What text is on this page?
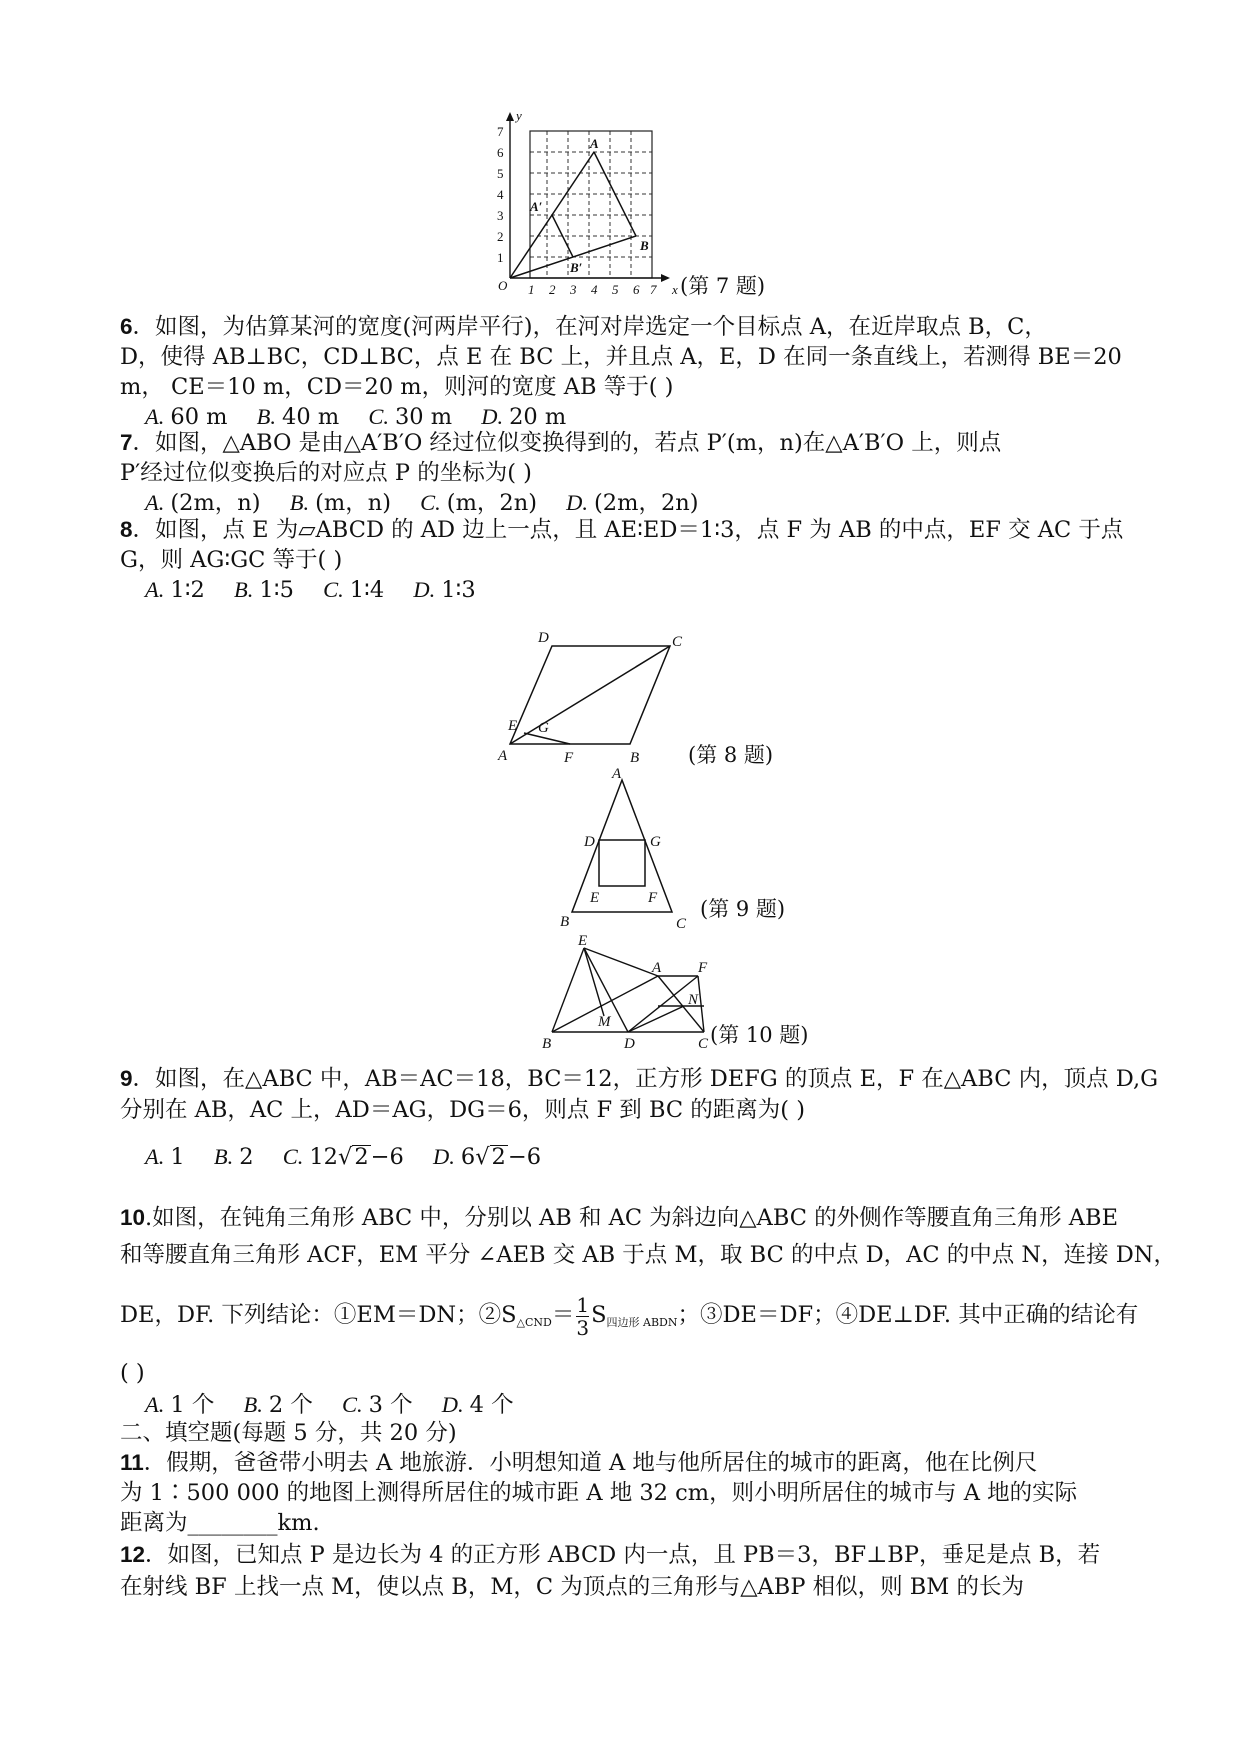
1 2 3 4 5 6 7
1
2
3
4
5
6
7
x
y
O
A
B
A′
B′
(第 7 题)
6．如图，为估算某河的宽度(河两岸平行)，在河对岸选定一个目标点 A，在近岸取点 B，C，
D，使得 AB⊥BC，CD⊥BC，点 E 在 BC 上，并且点 A，E，D 在同一条直线上，若测得 BE＝20
m， CE＝10 m，CD＝20 m，则河的宽度 AB 等于( )
A. 60 m B. 40 m C. 30 m D. 20 m
7．如图，△ABO 是由△A′B′O 经过位似变换得到的，若点 P′(m，n)在△A′B′O 上，则点
P′经过位似变换后的对应点 P 的坐标为( )
A. (2m，n) B. (m，n) C. (m，2n) D. (2m，2n)
8．如图，点 E 为▱ABCD 的 AD 边上一点，且 AE∶ED＝1∶3，点 F 为 AB 的中点，EF 交 AC 于点
G，则 AG∶GC 等于( )
A. 1∶2 B. 1∶5 C. 1∶4 D. 1∶3
A	B
C
D
E
F
G
(第 8 题)
A
B	C
D	G
E	F (第 9 题)
E
A F
N
M
B	D	C (第 10 题)
9．如图，在△ABC 中，AB＝AC＝18，BC＝12，正方形 DEFG 的顶点 E，F 在△ABC 内，顶点 D,G
分别在 AB，AC 上，AD＝AG，DG＝6，则点 F 到 BC 的距离为( )
A. 1 B. 2 C. 12√2−6 D. 6√2−6
10.如图，在钝角三角形 ABC 中，分别以 AB 和 AC 为斜边向△ABC 的外侧作等腰直角三角形 ABE
和等腰直角三角形 ACF，EM 平分 ∠AEB 交 AB 于点 M，取 BC 的中点 D，AC 的中点 N，连接 DN，
DE，DF. 下列结论：①EM＝DN；$②S_{\triangle CND}= \frac{1}{3} S_{四边形 ABDN}$；③DE＝DF；④DE⊥DF. 其中正确的结论有
( )
A. 1 个 B. 2 个 C. 3 个 D. 4 个
二、填空题(每题 5 分，共 20 分)
11．假期，爸爸带小明去 A 地旅游．小明想知道 A 地与他所居住的城市的距离，他在比例尺
为 1∶500 000 的地图上测得所居住的城市距 A 地 32 cm，则小明所居住的城市与 A 地的实际
距离为________km.
12．如图，已知点 P 是边长为 4 的正方形 ABCD 内一点，且 PB＝3，BF⊥BP，垂足是点 B，若
在射线 BF 上找一点 M，使以点 B，M，C 为顶点的三角形与△ABP 相似，则 BM 的长为
